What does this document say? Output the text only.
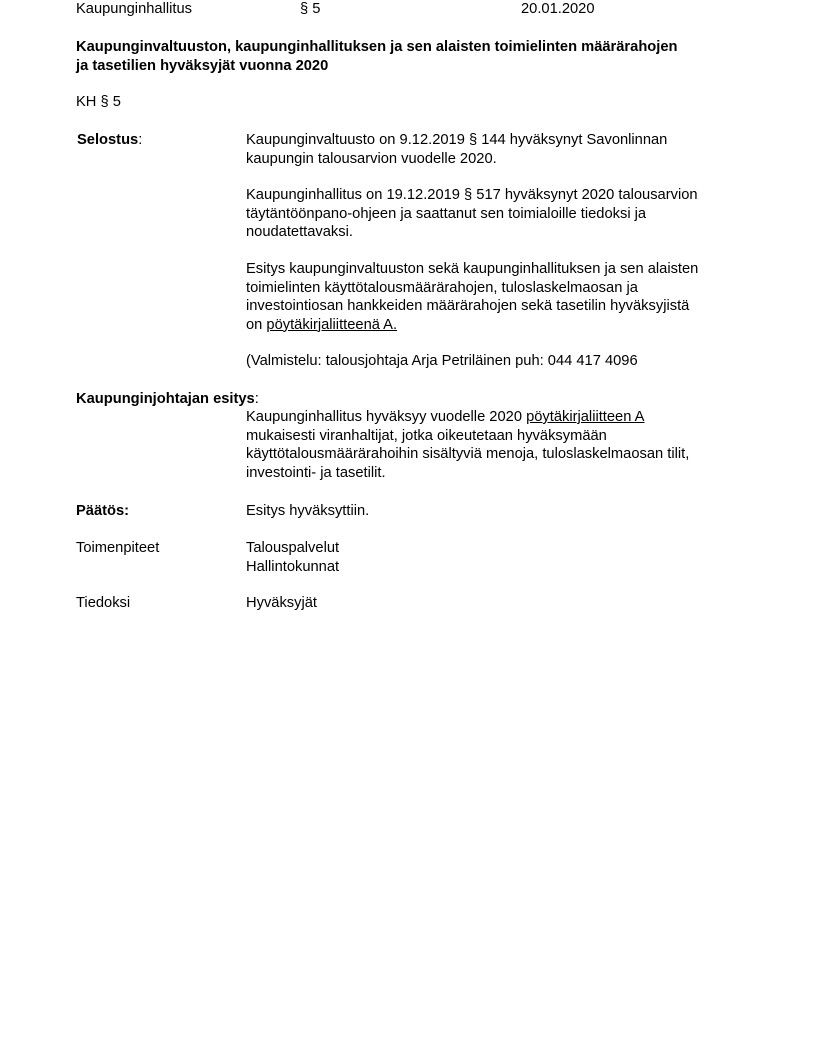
Kaupunginhallitus	§ 5	20.01.2020
Kaupunginvaltuuston, kaupunginhallituksen ja sen alaisten toimielinten määrärahojen
ja tasetilien hyväksyjät vuonna 2020
KH § 5
Selostus:	Kaupunginvaltuusto on 9.12.2019 § 144 hyväksynyt Savonlinnan
kaupungin talousarvion vuodelle 2020.
Kaupunginhallitus on 19.12.2019 § 517 hyväksynyt 2020 talousarvion
täytäntöönpano-ohjeen ja saattanut sen toimialoille tiedoksi ja
noudatettavaksi.
Esitys kaupunginvaltuuston sekä kaupunginhallituksen ja sen alaisten
toimielinten käyttötalousmäärärahojen, tuloslaskelmaosan ja
investointiosan hankkeiden määrärahojen sekä tasetilin hyväksyjistä
on pöytäkirjaliitteenä A.
(Valmistelu: talousjohtaja Arja Petriläinen puh: 044 417 4096
Kaupunginjohtajan esitys:
Kaupunginhallitus hyväksyy vuodelle 2020 pöytäkirjaliitteen A
mukaisesti viranhaltijat, jotka oikeutetaan hyväksymään
käyttötalousmäärärahoihin sisältyviä menoja, tuloslaskelmaosan tilit,
investointi- ja tasetilit.
Päätös:	Esitys hyväksyttiin.
Toimenpiteet	Talouspalvelut
Hallintokunnat
Tiedoksi	Hyväksyjät
